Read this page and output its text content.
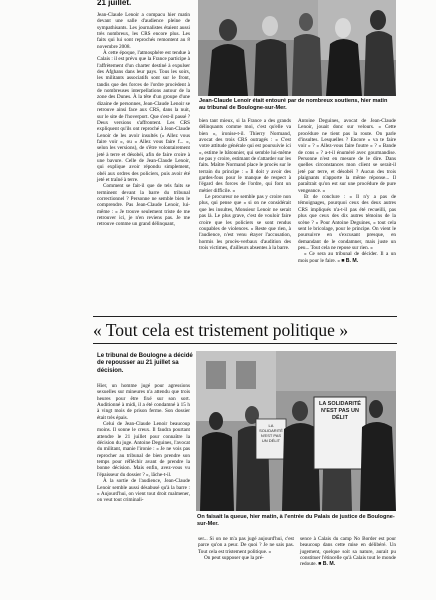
21 juillet.

Jean-Claude Lenoir a compacu hier matin devant une salle d'audience pleine de sympathisants. Les journalistes étaient aussi très nombreux, les CRS encore plus. Les faits qui lui sont reprochés remontent au 8 novembre 2008.

À cette époque, l'atmosphère est tendue à Calais : il est prévu que la France participe à l'affrètement d'un charter destiné à expulser des Afghans dans leur pays. Tous les soirs, les militants associatifs sont sur le front, tandis que des forces de l'ordre procèdent à de nombreuses interpellations autour de la zone des Dunes. À la tête d'un groupe d'une dizaine de personnes, Jean-Claude Lenoir se retrouve ainsi face aux CRS, dans la nuit, sur le site de l'hoverport. Que s'est-il passé ? Deux versions s'affrontent. Les CRS expliquent qu'ils ont reproché à Jean-Claude Lenoir de les avoir insultés (« Allez vous faire voir », ou « Allez vous faire f... », selon les versions), de s'être volontairement jeté à terre et désobéi, afin de faire croire à une bavure. Celle de Jean-Claude Lenoir, qui explique avoir répondu simplement, obéi aux ordres des policiers, puis avoir été jeté et traîné à terre.

Comment se fait-il que de tels faits se terminent devant la barre du tribunal correctionnel ? Personne ne semble bien le comprendre. Pas Jean-Claude Lenoir, lui-même : « Je trouve seulement triste de me retrouver ici, je n'en reviens pas. Je me retrouve comme un grand délinquant,

Jean-Claude Lenoir était entouré par de nombreux soutiens, hier matin au tribunal de Boulogne-sur-Mer.

bien tant mieux, si la France a des grands délinquants comme moi, c'est qu'elle va bien », ironise-t-il. Thierry Normand, avocat des trois CRS outragés : « C'est votre attitude générale qui est poursuivie ici », estime le bâtonnier, qui semble lui-même ne pas y croire, estimant de s'attarder sur les faits. Maître Normand place le procès sur le terrain du principe : « Il doit y avoir des gardes-fous pour le manque de respect à l'égard des forces de l'ordre, qui font un métier difficile. »

Le procureur ne semble pas y croire non plus, qui pense que « si on ne considérait que les insultes, Monsieur Lenoir ne serait pas là. Le plus grave, c'est de vouloir faire croire que les policiers se sont rendus coupables de violences. » Reste que rien, à l'audience, n'est venu étayer l'accusation, hormis les procès-verbaux d'audition des trois victimes, d'ailleurs absentes à la barre.

Antoine Deguines, avocat de Jean-Claude Lenoir, jouait donc sur velours. « Cette procédure ne tient pas la route. On parle d'insultes. Lesquelles ? Encore « va te faire voir » ? « Allez-vous faire foutre » ? « Bande de cons » ? a-t-il énuméré avec gourmandise. Personne n'est en mesure de le dire. Dans quelles circonstances mon client se serait-il jeté par terre, et désobéi ? Aucun des trois plaignants n'apporte la même réponse... Il paraîtrait qu'on est sur une procédure de pure vengeance. »

Et de conclure : « Il n'y a pas de témoignages, pourquoi ceux des deux autres CRS impliqués n'a-t-il pas été recueilli, pas plus que ceux des dix autres témoins de la scène ? » Pour Antoine Deguines, « tout cela sent le bricolage, pour le principe. On vient le poursuivre en s'excusant presque, en demandant de le condamner, mais juste un peu... Tout cela ne repose sur rien. »

« Ce sera au tribunal de décider. Il a un mois pour le faire. » ■ B. M.

« Tout cela est tristement politique »
Le tribunal de Boulogne a décidé de repousser au 21 juillet sa décision.

Hier, un homme jugé pour agressions sexuelles sur mineures n'a attendu que trois heures pour être fixé sur son sort. Auditionné à midi, il a été condamné à 15 h à vingt mois de prison ferme. Son dossier était très épais.

Celui de Jean-Claude Lenoir beaucoup moins. Il sonne le creux. Il faudra pourtant attendre le 21 juillet pour connaître la décision du juge. Antoine Deguines, l'avocat du militant, manie l'ironie : « Je ne vois pas reprocher au tribunal de bien prendre son temps pour réfléchir avant de prendre la bonne décision. Mais enfin, avez-vous vu l'épaisseur du dossier ? », lâche-t-il.

À la sortie de l'audience, Jean-Claude Lenoir semble aussi désabusé qu'à la barre : « Aujourd'hui, on vient tout droit malmener, on veut tout criminali-

LA SOLIDARITÉ N'EST PAS UN DÉLIT
LA SOLIDARITÉ N'EST PAS UN DÉLIT
On faisait la queue, hier matin, à l'entrée du Palais de justice de Boulogne-sur-Mer.

ser... Si on ne m'a pas jugé aujourd'hui, c'est parce qu'on a peur. De quoi ? Je ne sais pas. Tout cela est tristement politique. »

On peut supposer que la pré-

sence à Calais du camp No Border est pour beaucoup dans cette mise en délibéré. Un jugement, quelque soit sa nature, aurait pu constituer l'étincelle qu'à Calais tout le monde redoute. ■ B. M.
